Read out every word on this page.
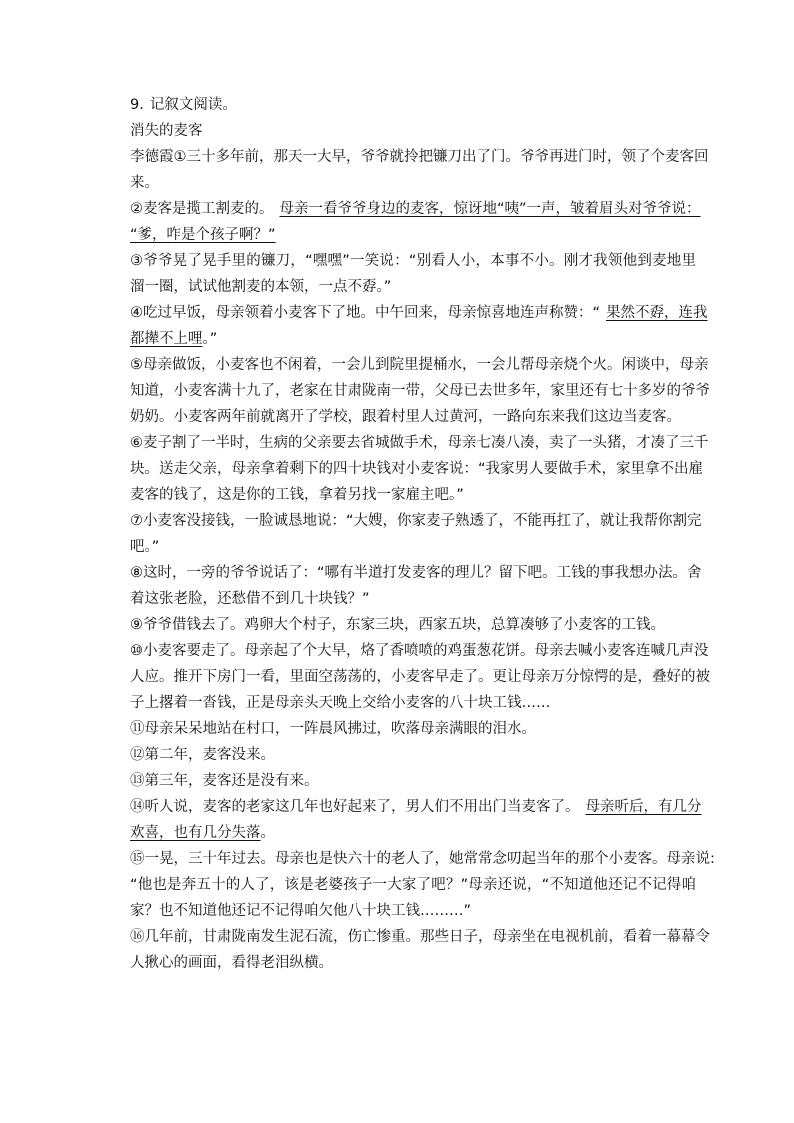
9. 记叙文阅读。
消失的麦客
李德霞①三十多年前，那天一大早，爷爷就拎把镰刀出了门。爷爷再进门时，领了个麦客回
来。
②麦客是揽工割麦的。 母亲一看爷爷身边的麦客，惊讶地“咦”一声，皱着眉头对爷爷说：
“爹，咋是个孩子啊？”
③爷爷晃了晃手里的镰刀，“嘿嘿”一笑说：“别看人小，本事不小。刚才我领他到麦地里
溜一圈，试试他割麦的本领，一点不孬。”
④吃过早饭，母亲领着小麦客下了地。中午回来，母亲惊喜地连声称赞：“ 果然不孬，连我
都撵不上哩。”
⑤母亲做饭，小麦客也不闲着，一会儿到院里提桶水，一会儿帮母亲烧个火。闲谈中，母亲
知道，小麦客满十九了，老家在甘肃陇南一带，父母已去世多年，家里还有七十多岁的爷爷
奶奶。小麦客两年前就离开了学校，跟着村里人过黄河，一路向东来我们这边当麦客。
⑥麦子割了一半时，生病的父亲要去省城做手术，母亲七凑八凑，卖了一头猪，才凑了三千
块。送走父亲，母亲拿着剩下的四十块钱对小麦客说：“我家男人要做手术，家里拿不出雇
麦客的钱了，这是你的工钱，拿着另找一家雇主吧。”
⑦小麦客没接钱，一脸诚恳地说：“大嫂，你家麦子熟透了，不能再扛了，就让我帮你割完
吧。”
⑧这时，一旁的爷爷说话了：“哪有半道打发麦客的理儿？留下吧。工钱的事我想办法。舍
着这张老脸，还愁借不到几十块钱？”
⑨爷爷借钱去了。鸡卵大个村子，东家三块，西家五块，总算凑够了小麦客的工钱。
⑩小麦客要走了。母亲起了个大早，烙了香喷喷的鸡蛋葱花饼。母亲去喊小麦客连喊几声没
人应。推开下房门一看，里面空荡荡的，小麦客早走了。更让母亲万分惊愕的是，叠好的被
子上撂着一沓钱，正是母亲头天晚上交给小麦客的八十块工钱……
⑪母亲呆呆地站在村口，一阵晨风拂过，吹落母亲满眼的泪水。
⑫第二年，麦客没来。
⑬第三年，麦客还是没有来。
⑭听人说，麦客的老家这几年也好起来了，男人们不用出门当麦客了。 母亲听后，有几分
欢喜，也有几分失落。
⑮一晃，三十年过去。母亲也是快六十的老人了，她常常念叨起当年的那个小麦客。母亲说:
“他也是奔五十的人了，该是老婆孩子一大家了吧？”母亲还说，“不知道他还记不记得咱
家？也不知道他还记不记得咱欠他八十块工钱………”
⑯几年前，甘肃陇南发生泥石流，伤亡惨重。那些日子，母亲坐在电视机前，看着一幕幕令
人揪心的画面，看得老泪纵横。
